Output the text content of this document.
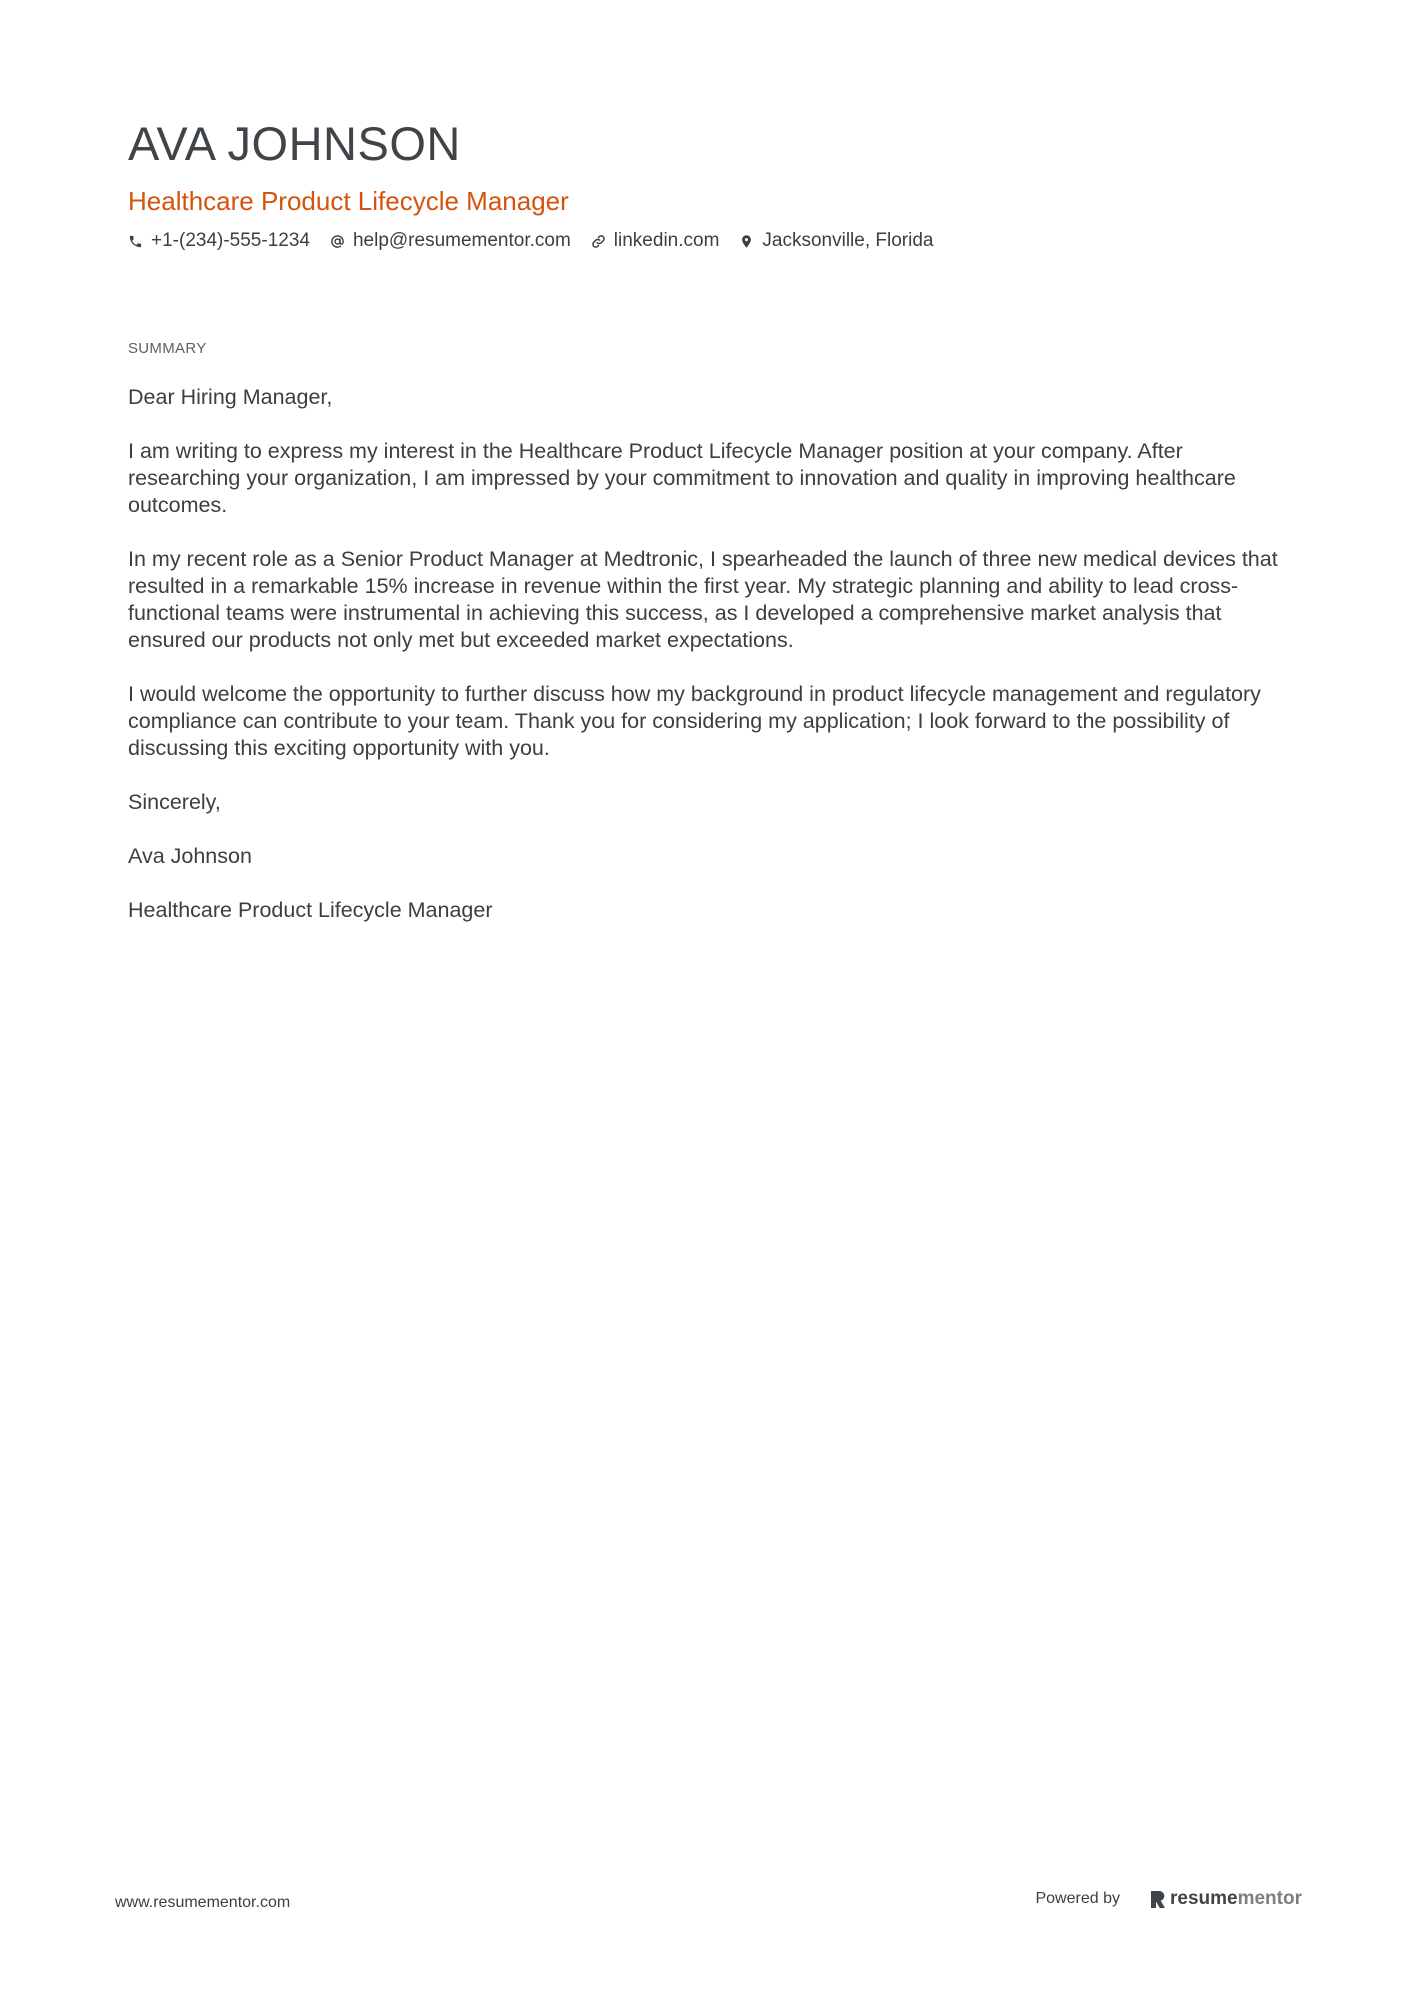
AVA JOHNSON
Healthcare Product Lifecycle Manager
+1-(234)-555-1234 help@resumementor.com linkedin.com Jacksonville, Florida
SUMMARY

Dear Hiring Manager,

I am writing to express my interest in the Healthcare Product Lifecycle Manager position at your company. After researching your organization, I am impressed by your commitment to innovation and quality in improving healthcare outcomes.

In my recent role as a Senior Product Manager at Medtronic, I spearheaded the launch of three new medical devices that resulted in a remarkable 15% increase in revenue within the first year. My strategic planning and ability to lead cross-functional teams were instrumental in achieving this success, as I developed a comprehensive market analysis that ensured our products not only met but exceeded market expectations.

I would welcome the opportunity to further discuss how my background in product lifecycle management and regulatory compliance can contribute to your team. Thank you for considering my application; I look forward to the possibility of discussing this exciting opportunity with you.

Sincerely,

Ava Johnson

Healthcare Product Lifecycle Manager

www.resumementor.com	Powered by	resume mentor
